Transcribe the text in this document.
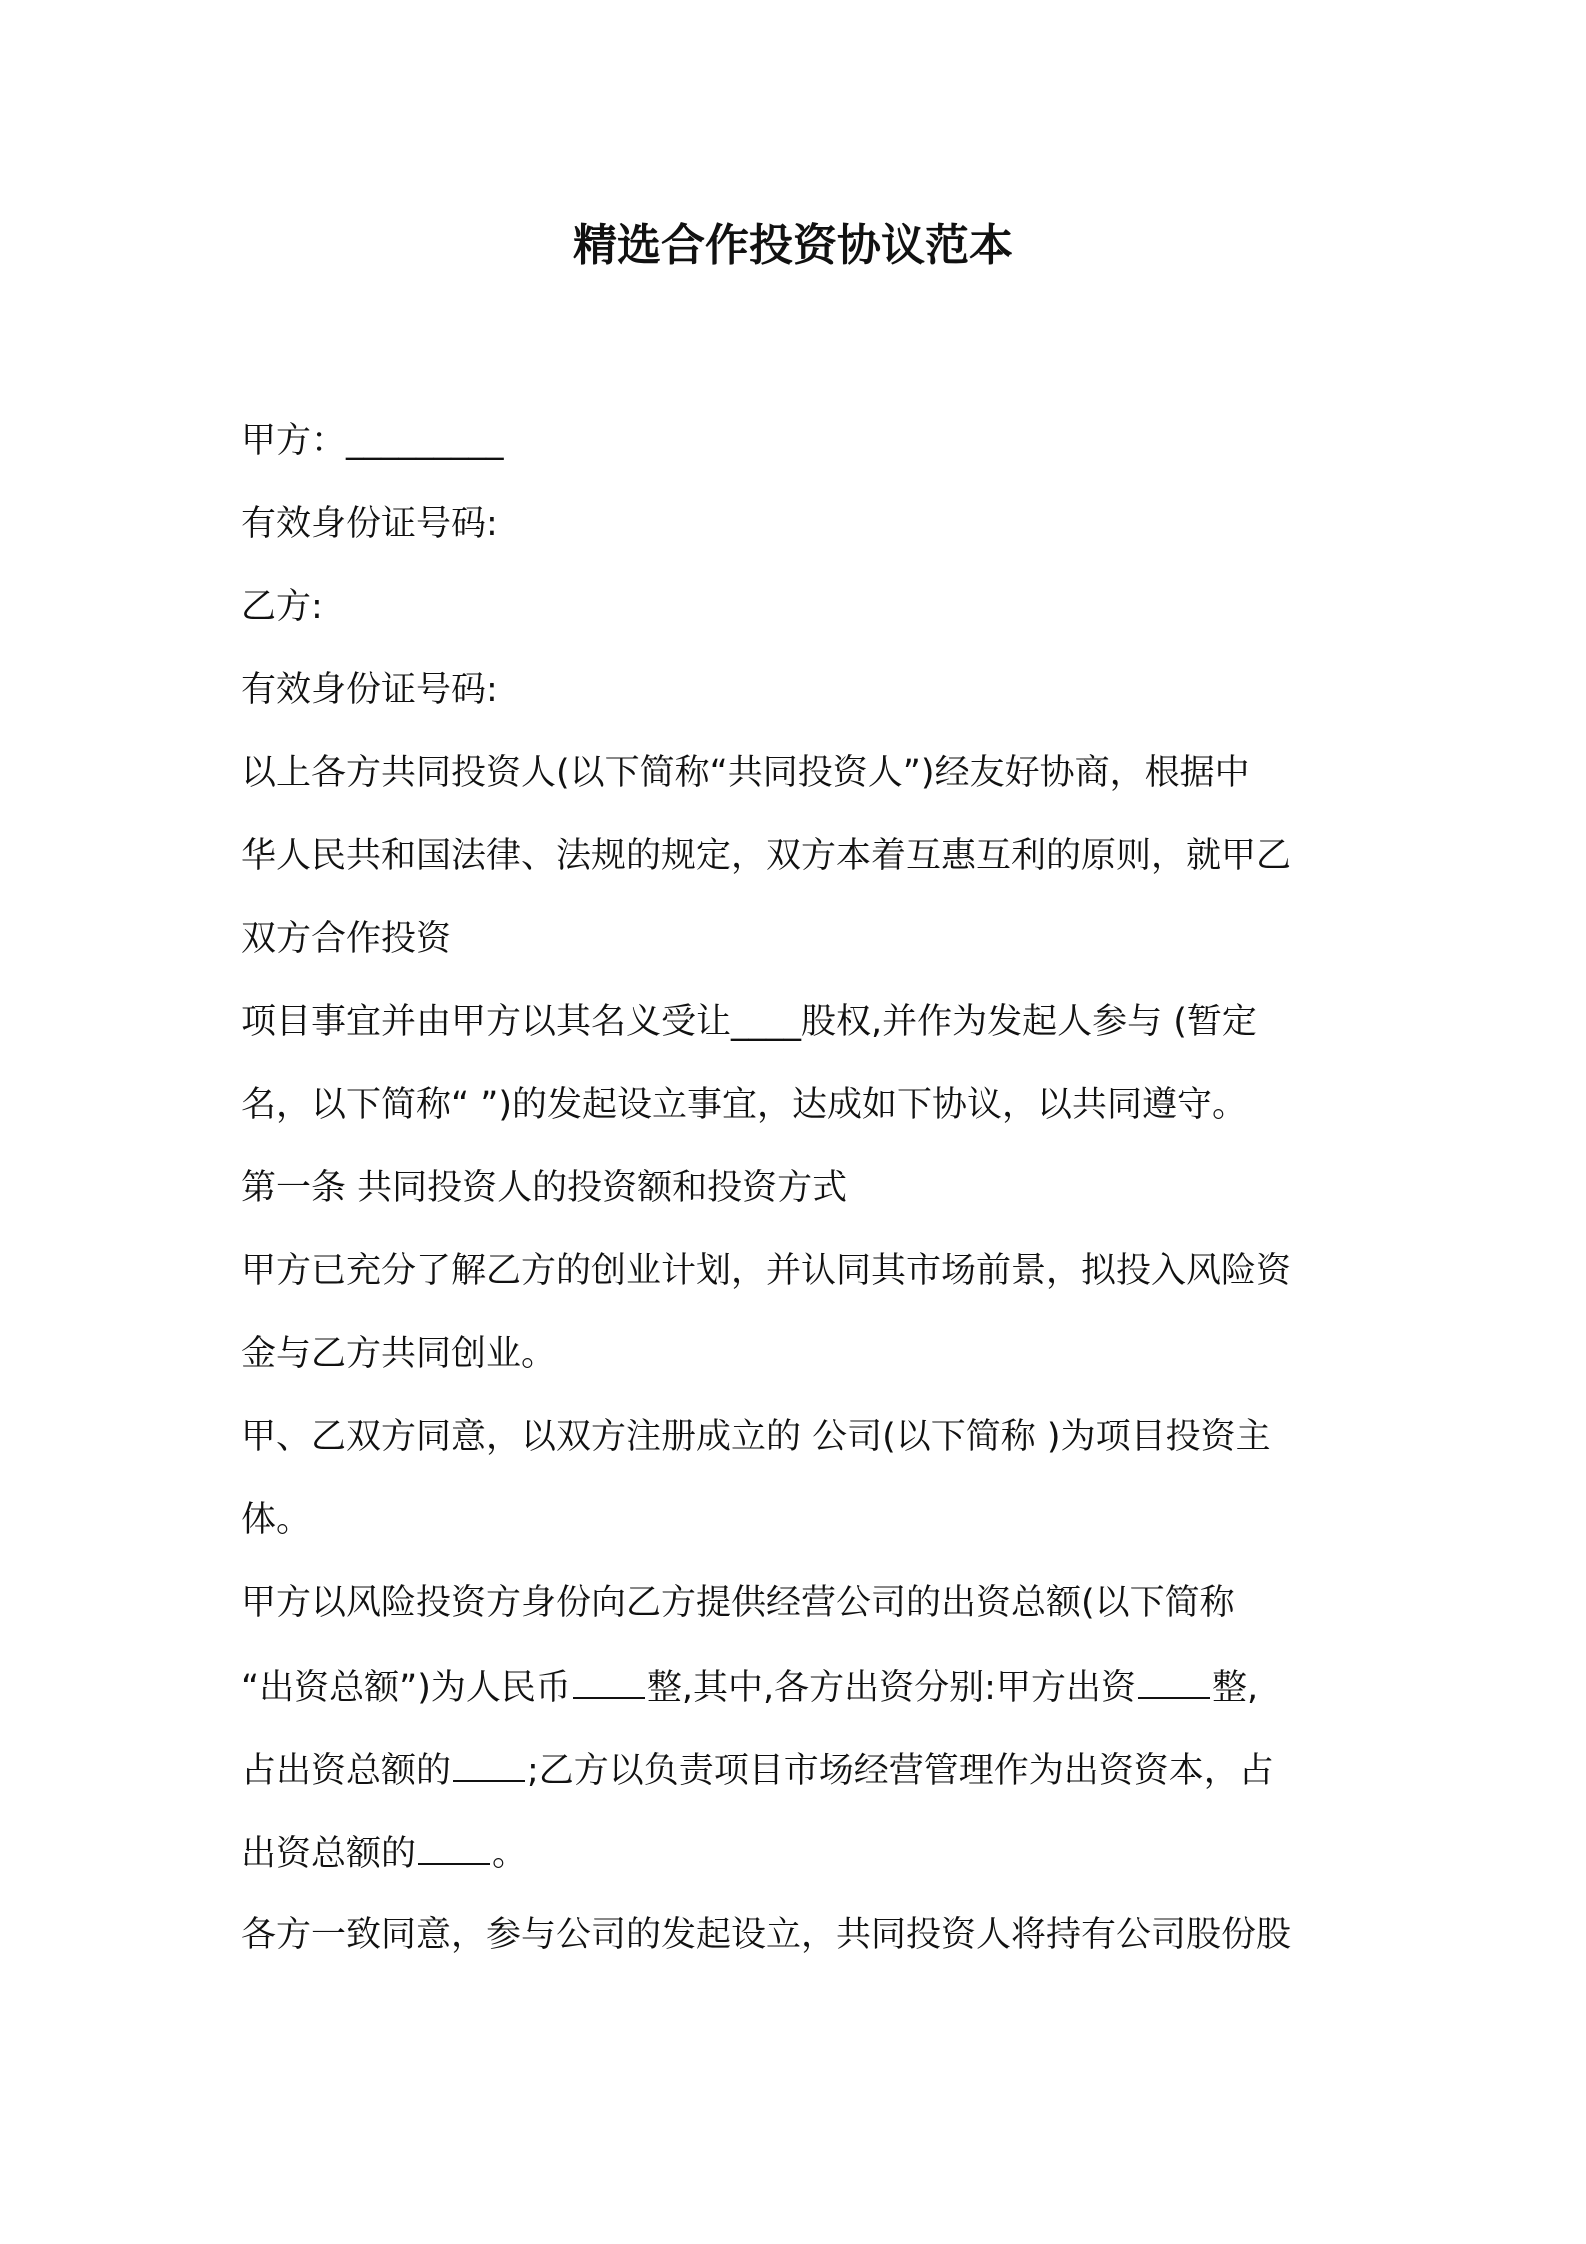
精选合作投资协议范本
甲方：_________
有效身份证号码:
乙方:
有效身份证号码:
以上各方共同投资人(以下简称“共同投资人”)经友好协商，根据中
华人民共和国法律、法规的规定，双方本着互惠互利的原则，就甲乙
双方合作投资
项目事宜并由甲方以其名义受让____股权,并作为发起人参与 (暂定
名，以下简称“ ”)的发起设立事宜，达成如下协议，以共同遵守。
第一条 共同投资人的投资额和投资方式
甲方已充分了解乙方的创业计划，并认同其市场前景，拟投入风险资
金与乙方共同创业。
甲、乙双方同意，以双方注册成立的 公司(以下简称 )为项目投资主
体。
甲方以风险投资方身份向乙方提供经营公司的出资总额(以下简称
“出资总额”)为人民币 整,其中,各方出资分别:甲方出资 整,
占出资总额的 ;乙方以负责项目市场经营管理作为出资资本，占
出资总额的 。
各方一致同意，参与公司的发起设立，共同投资人将持有公司股份股
